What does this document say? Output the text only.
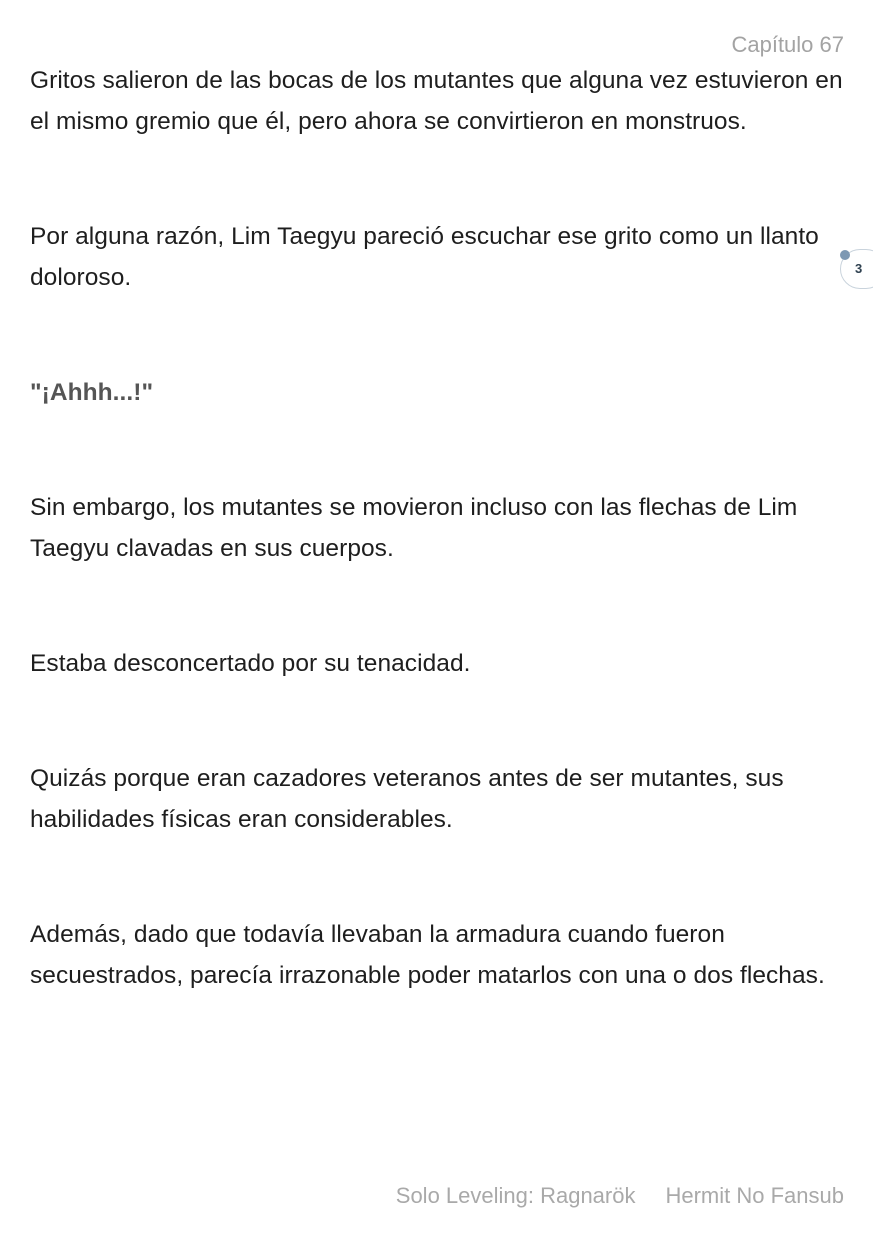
Capítulo 67

Gritos salieron de las bocas de los mutantes que alguna vez estuvieron en el mismo gremio que él, pero ahora se convirtieron en monstruos.

Por alguna razón, Lim Taegyu pareció escuchar ese grito como un llanto doloroso.

"¡Ahhh...!"

Sin embargo, los mutantes se movieron incluso con las flechas de Lim Taegyu clavadas en sus cuerpos.

Estaba desconcertado por su tenacidad.

Quizás porque eran cazadores veteranos antes de ser mutantes, sus habilidades físicas eran considerables.

Además, dado que todavía llevaban la armadura cuando fueron secuestrados, parecía irrazonable poder matarlos con una o dos flechas.

3
Solo Leveling: Ragnarök Hermit No Fansub
